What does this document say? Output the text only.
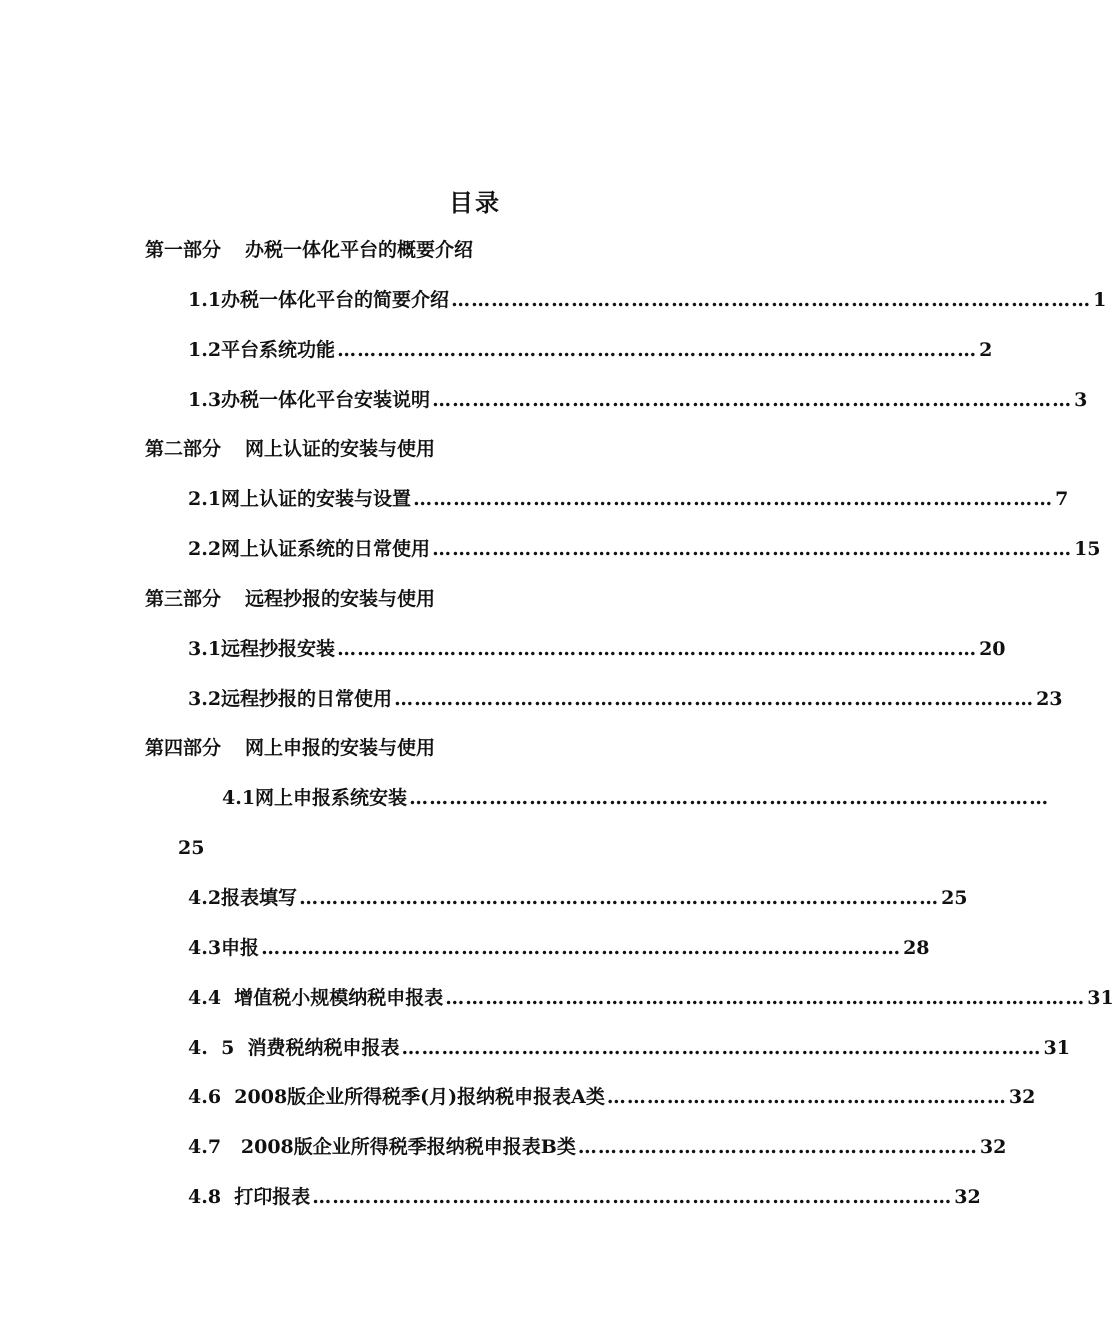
目录
第一部分 办税一体化平台的概要介绍
第二部分 网上认证的安装与使用
第三部分 远程抄报的安装与使用
第四部分 网上申报的安装与使用
1.1办税一体化平台的简要介绍 …………………………………………………………………………………… 1
1.2平台系统功能 …………………………………………………………………………………… 2
1.3办税一体化平台安装说明 …………………………………………………………………………………… 3
2.1网上认证的安装与设置 …………………………………………………………………………………… 7
2.2网上认证系统的日常使用 …………………………………………………………………………………… 15
3.1远程抄报安装 …………………………………………………………………………………… 20
3.2远程抄报的日常使用 …………………………………………………………………………………… 23
4.1网上申报系统安装 ……………………………………………………………………………………
25
4.2报表填写 …………………………………………………………………………………… 25
4.3申报 …………………………………………………………………………………… 28
4.4  增值税小规模纳税申报表 …………………………………………………………………………………… 31
4.  5  消费税纳税申报表 …………………………………………………………………………………… 31
4.6  2008版企业所得税季(月)报纳税申报表A类 …………………………………………………… 32
4.7   2008版企业所得税季报纳税申报表B类 …………………………………………………… 32
4.8  打印报表 …………………………………………………………………………………… 32
